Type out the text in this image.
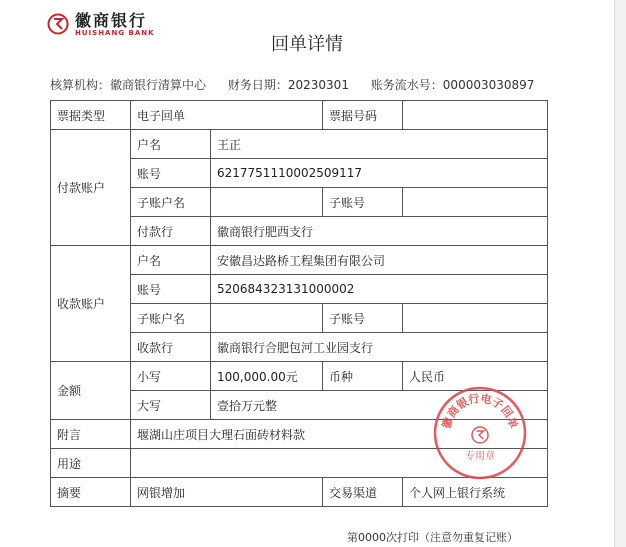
徽商银行
HUISHANG BANK
回单详情
核算机构：徽商银行清算中心 财务日期：20230301 账务流水号：000003030897
票据类型	电子回单		票据号码	
付款账户	户名	王正		
	账号	6217751110002509117		
	子账户名		子账号	
	付款行	徽商银行肥西支行		
收款账户	户名	安徽昌达路桥工程集团有限公司		
	账号	520684323131000002		
	子账户名		子账号	
	收款行	徽商银行合肥包河工业园支行		
金额	小写	100,000.00元	币种	人民币
	大写	壹拾万元整		
附言	堰湖山庄项目大理石面砖材料款			
用途				
摘要	网银增加		交易渠道	个人网上银行系统
徽商银行电子回单
专用章
第0000次打印（注意勿重复记账）
